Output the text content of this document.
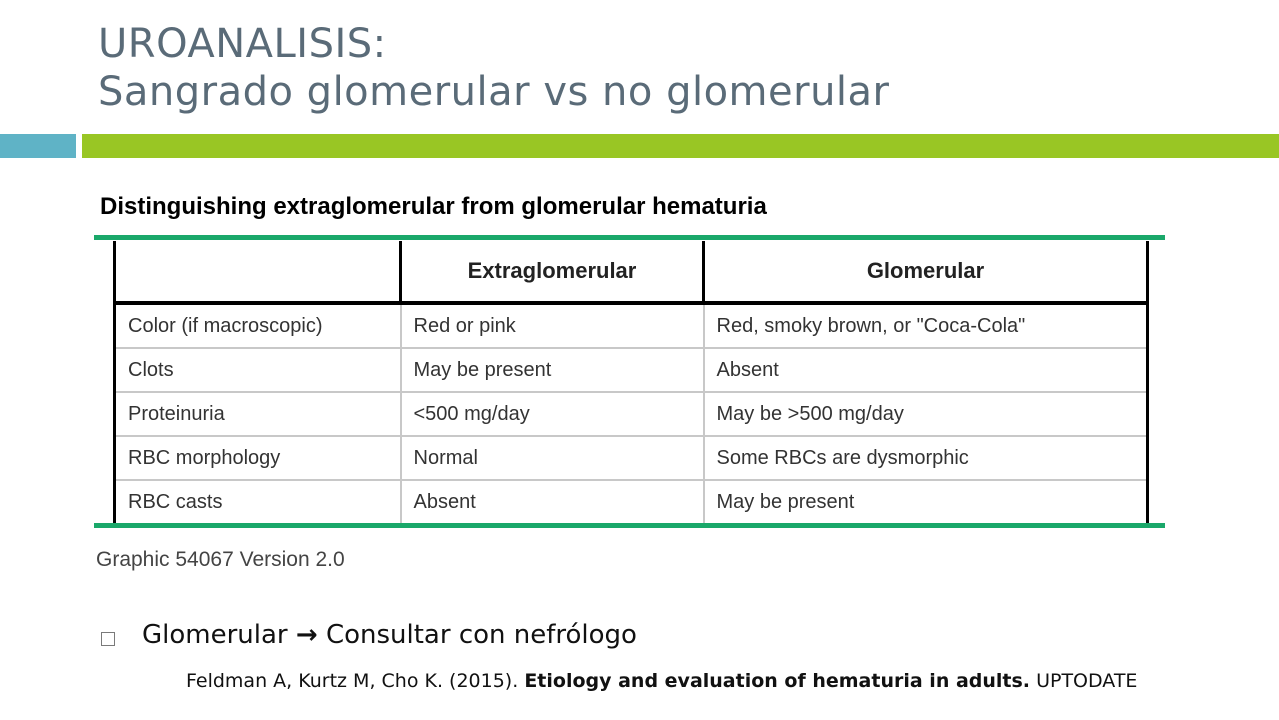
UROANALISIS:
Sangrado glomerular vs no glomerular
Distinguishing extraglomerular from glomerular hematuria
	Extraglomerular	Glomerular
Color (if macroscopic)	Red or pink	Red, smoky brown, or "Coca-Cola"
Clots	May be present	Absent
Proteinuria	<500 mg/day	May be >500 mg/day
RBC morphology	Normal	Some RBCs are dysmorphic
RBC casts	Absent	May be present
Graphic 54067 Version 2.0
Glomerular → Consultar con nefrólogo
Feldman A, Kurtz M, Cho K. (2015). Etiology and evaluation of hematuria in adults. UPTODATE
